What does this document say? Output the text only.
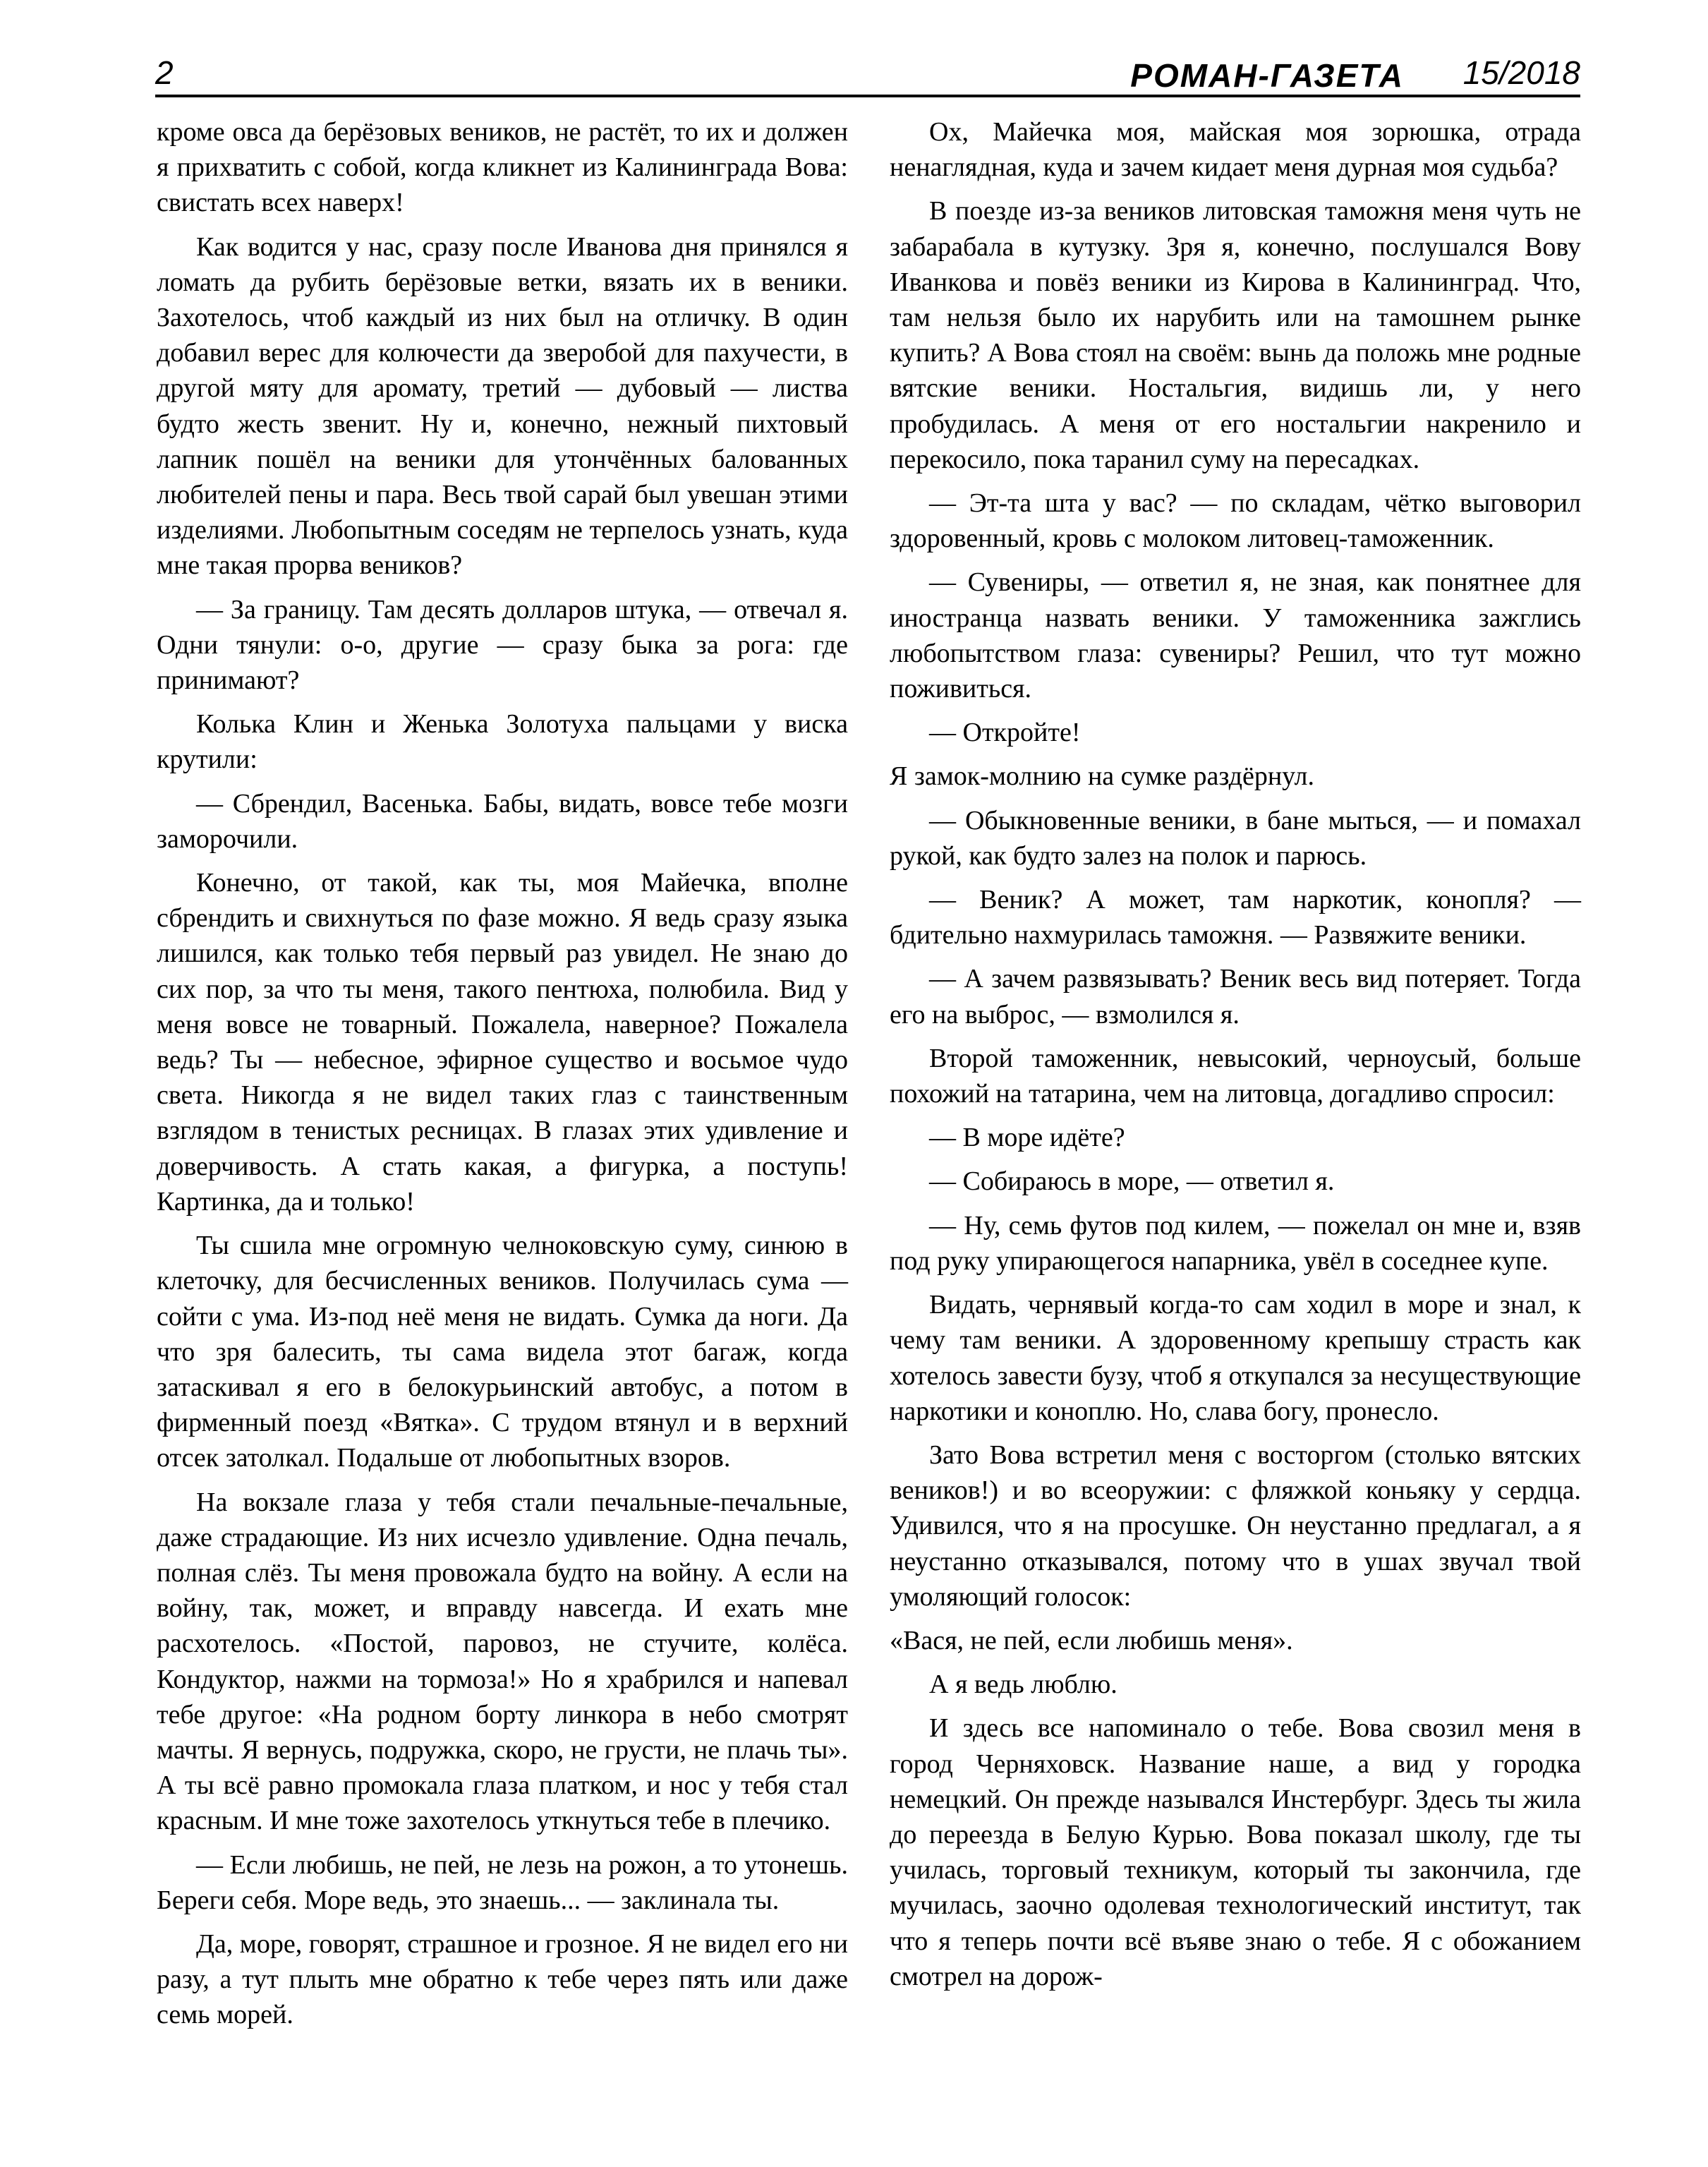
2	РОМАН-ГАЗЕТА 15/2018

кроме овса да берёзовых веников, не растёт, то их и должен я прихватить с собой, когда кликнет из Калининграда Вова: свистать всех наверх!

Как водится у нас, сразу после Иванова дня принялся я ломать да рубить берёзовые ветки, вязать их в веники. Захотелось, чтоб каждый из них был на отличку. В один добавил верес для колючести да зверобой для пахучести, в другой мяту для аромату, третий — дубовый — листва будто жесть звенит. Ну и, конечно, нежный пихтовый лапник пошёл на веники для утончённых балованных любителей пены и пара. Весь твой сарай был увешан этими изделиями. Любопытным соседям не терпелось узнать, куда мне такая прорва веников?

— За границу. Там десять долларов штука, — отвечал я. Одни тянули: о-о, другие — сразу быка за рога: где принимают?

Колька Клин и Женька Золотуха пальцами у виска крутили:

— Сбрендил, Васенька. Бабы, видать, вовсе тебе мозги заморочили.

Конечно, от такой, как ты, моя Майечка, вполне сбрендить и свихнуться по фазе можно. Я ведь сразу языка лишился, как только тебя первый раз увидел. Не знаю до сих пор, за что ты меня, такого пентюха, полюбила. Вид у меня вовсе не товарный. Пожалела, наверное? Пожалела ведь? Ты — небесное, эфирное существо и восьмое чудо света. Никогда я не видел таких глаз с таинственным взглядом в тенистых ресницах. В глазах этих удивление и доверчивость. А стать какая, а фигурка, а поступь! Картинка, да и только!

Ты сшила мне огромную челноковскую суму, синюю в клеточку, для бесчисленных веников. Получилась сума — сойти с ума. Из-под неё меня не видать. Сумка да ноги. Да что зря балесить, ты сама видела этот багаж, когда затаскивал я его в белокурьинский автобус, а потом в фирменный поезд «Вятка». С трудом втянул и в верхний отсек затолкал. Подальше от любопытных взоров.

На вокзале глаза у тебя стали печальные-печальные, даже страдающие. Из них исчезло удивление. Одна печаль, полная слёз. Ты меня провожала будто на войну. А если на войну, так, может, и вправду навсегда. И ехать мне расхотелось. «Постой, паровоз, не стучите, колёса. Кондуктор, нажми на тормоза!» Но я храбрился и напевал тебе другое: «На родном борту линкора в небо смотрят мачты. Я вернусь, подружка, скоро, не грусти, не плачь ты». А ты всё равно промокала глаза платком, и нос у тебя стал красным. И мне тоже захотелось уткнуться тебе в плечико.

— Если любишь, не пей, не лезь на рожон, а то утонешь. Береги себя. Море ведь, это знаешь... — заклинала ты.

Да, море, говорят, страшное и грозное. Я не видел его ни разу, а тут плыть мне обратно к тебе через пять или даже семь морей.

Ох, Майечка моя, майская моя зорюшка, отрада ненаглядная, куда и зачем кидает меня дурная моя судьба?

В поезде из-за веников литовская таможня меня чуть не забарабала в кутузку. Зря я, конечно, послушался Вову Иванкова и повёз веники из Кирова в Калининград. Что, там нельзя было их нарубить или на тамошнем рынке купить? А Вова стоял на своём: вынь да положь мне родные вятские веники. Ностальгия, видишь ли, у него пробудилась. А меня от его ностальгии накренило и перекосило, пока таранил суму на пересадках.

— Эт-та шта у вас? — по складам, чётко выговорил здоровенный, кровь с молоком литовец-таможенник.

— Сувениры, — ответил я, не зная, как понятнее для иностранца назвать веники. У таможенника зажглись любопытством глаза: сувениры? Решил, что тут можно поживиться.

— Откройте!

Я замок-молнию на сумке раздёрнул.

— Обыкновенные веники, в бане мыться, — и помахал рукой, как будто залез на полок и парюсь.

— Веник? А может, там наркотик, конопля? — бдительно нахмурилась таможня. — Развяжите веники.

— А зачем развязывать? Веник весь вид потеряет. Тогда его на выброс, — взмолился я.

Второй таможенник, невысокий, черноусый, больше похожий на татарина, чем на литовца, догадливо спросил:

— В море идёте?

— Собираюсь в море, — ответил я.

— Ну, семь футов под килем, — пожелал он мне и, взяв под руку упирающегося напарника, увёл в соседнее купе.

Видать, чернявый когда-то сам ходил в море и знал, к чему там веники. А здоровенному крепышу страсть как хотелось завести бузу, чтоб я откупался за несуществующие наркотики и коноплю. Но, слава богу, пронесло.

Зато Вова встретил меня с восторгом (столько вятских веников!) и во всеоружии: с фляжкой коньяку у сердца. Удивился, что я на просушке. Он неустанно предлагал, а я неустанно отказывался, потому что в ушах звучал твой умоляющий голосок:

«Вася, не пей, если любишь меня».

А я ведь люблю.

И здесь все напоминало о тебе. Вова свозил меня в город Черняховск. Название наше, а вид у городка немецкий. Он прежде назывался Инстербург. Здесь ты жила до переезда в Белую Курью. Вова показал школу, где ты училась, торговый техникум, который ты закончила, где мучилась, заочно одолевая технологический институт, так что я теперь почти всё въяве знаю о тебе. Я с обожанием смотрел на дорож-
